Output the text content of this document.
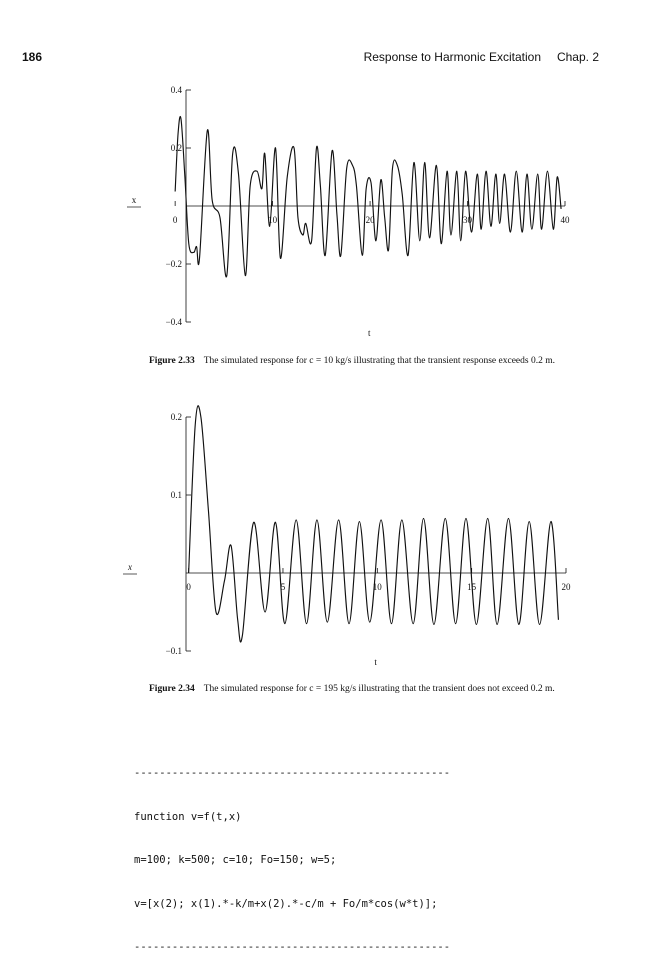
186	Response to Harmonic Excitation Chap. 2
0.4
0.2
−0.2
−0.4
0	10	20	30	40
x
t
Figure 2.33 The simulated response for c = 10 kg/s illustrating that the transient response exceeds 0.2 m.
0.2
0.1
−0.1
0	5	10	15	20
x
t
Figure 2.34 The simulated response for c = 195 kg/s illustrating that the transient does not exceed 0.2 m.

--------------------------------------------------

function v=f(t,x)

m=100; k=500; c=10; Fo=150; w=5;

v=[x(2); x(1).*-k/m+x(2).*-c/m + Fo/m*cos(w*t)];

--------------------------------------------------
